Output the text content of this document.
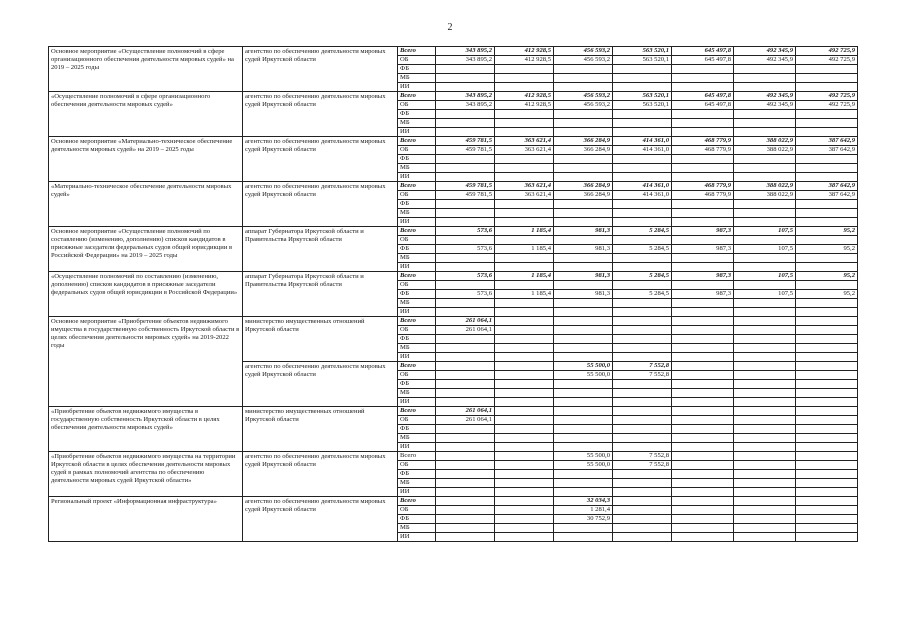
2
Основное мероприятие «Осуществление полномочий в сфере организационного обеспечения деятельности мировых судей» на 2019 – 2025 годы	агентство по обеспечению деятельности мировых судей Иркутской области	Всего	343 895,2	412 928,5	456 593,2	563 520,1	645 497,8	492 345,9	492 725,9
		ОБ	343 895,2	412 928,5	456 593,2	563 520,1	645 497,8	492 345,9	492 725,9
		ФБ							
		МБ							
		ИИ							
«Осуществление полномочий в сфере организационного обеспечения деятельности мировых судей»	агентство по обеспечению деятельности мировых судей Иркутской области	Всего	343 895,2	412 928,5	456 593,2	563 520,1	645 497,8	492 345,9	492 725,9
		ОБ	343 895,2	412 928,5	456 593,2	563 520,1	645 497,8	492 345,9	492 725,9
		ФБ							
		МБ							
		ИИ							
Основное мероприятие «Материально-техническое обеспечение деятельности мировых судей» на 2019 – 2025 годы	агентство по обеспечению деятельности мировых судей Иркутской области	Всего	459 781,5	363 621,4	366 284,9	414 361,0	468 779,9	388 022,9	387 642,9
		ОБ	459 781,5	363 621,4	366 284,9	414 361,0	468 779,9	388 022,9	387 642,9
		ФБ							
		МБ							
		ИИ							
«Материально-техническое обеспечение деятельности мировых судей»	агентство по обеспечению деятельности мировых судей Иркутской области	Всего	459 781,5	363 621,4	366 284,9	414 361,0	468 779,9	388 022,9	387 642,9
		ОБ	459 781,5	363 621,4	366 284,9	414 361,0	468 779,9	388 022,9	387 642,9
		ФБ							
		МБ							
		ИИ							
Основное мероприятие «Осуществление полномочий по составлению (изменению, дополнению) списков кандидатов в присяжные заседатели федеральных судов общей юрисдикции в Российской Федерации» на 2019 – 2025 годы	аппарат Губернатора Иркутской области и Правительства Иркутской области	Всего	573,6	1 185,4	981,3	5 284,5	987,3	107,5	95,2
		ОБ							
		ФБ	573,6	1 185,4	981,3	5 284,5	987,3	107,5	95,2
		МБ							
		ИИ							
«Осуществление полномочий по составлению (изменению, дополнению) списков кандидатов в присяжные заседатели федеральных судов общей юрисдикции в Российской Федерации»	аппарат Губернатора Иркутской области и Правительства Иркутской области	Всего	573,6	1 185,4	981,3	5 284,5	987,3	107,5	95,2
		ОБ							
		ФБ	573,6	1 185,4	981,3	5 284,5	987,3	107,5	95,2
		МБ							
		ИИ							
Основное мероприятие «Приобретение объектов недвижимого имущества в государственную собственность Иркутской области в целях обеспечения деятельности мировых судей» на 2019-2022 годы	министерство имущественных отношений Иркутской области	Всего	261 064,1						
		ОБ	261 064,1						
		ФБ							
		МБ							
		ИИ							
	агентство по обеспечению деятельности мировых судей Иркутской области	Всего			55 500,0	7 552,8			
		ОБ			55 500,0	7 552,8			
		ФБ							
		МБ							
		ИИ							
«Приобретение объектов недвижимого имущества в государственную собственность Иркутской области в целях обеспечения деятельности мировых судей»	министерство имущественных отношений Иркутской области	Всего	261 064,1						
		ОБ	261 064,1						
		ФБ							
		МБ							
		ИИ							
«Приобретение объектов недвижимого имущества на территории Иркутской области в целях обеспечения деятельности мировых судей в рамках полномочий агентства по обеспечению деятельности мировых судей Иркутской области»	агентство по обеспечению деятельности мировых судей Иркутской области	Всего			55 500,0	7 552,8			
		ОБ			55 500,0	7 552,8			
		ФБ							
		МБ							
		ИИ							
Региональный проект «Информационная инфраструктура»	агентство по обеспечению деятельности мировых судей Иркутской области	Всего			32 034,3				
		ОБ			1 281,4				
		ФБ			30 752,9				
		МБ							
		ИИ							
